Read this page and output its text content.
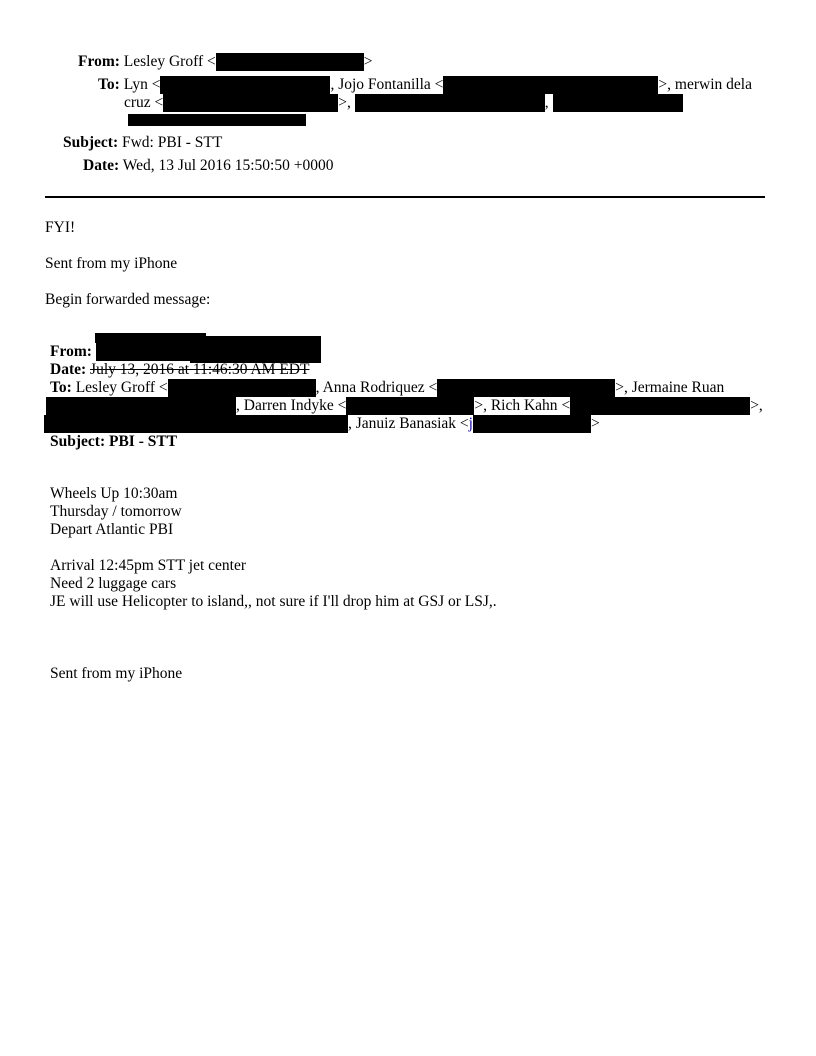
From: Lesley Groff <	>
To: Lyn <	, Jojo Fontanilla <	>, merwin dela
cruz <	>,	,
Subject: Fwd: PBI - STT
Date: Wed, 13 Jul 2016 15:50:50 +0000
FYI!
Sent from my iPhone
Begin forwarded message:
From:
Date: July 13, 2016 at 11:46:30 AM EDT
To: Lesley Groff <	, Anna Rodriquez <	>, Jermaine Ruan
, Darren Indyke <	>, Rich Kahn <	>,
, Januiz Banasiak <j	>
Subject: PBI - STT
Wheels Up 10:30am
Thursday / tomorrow
Depart Atlantic PBI
Arrival 12:45pm STT jet center
Need 2 luggage cars
JE will use Helicopter to island,, not sure if I'll drop him at GSJ or LSJ,.
Sent from my iPhone
